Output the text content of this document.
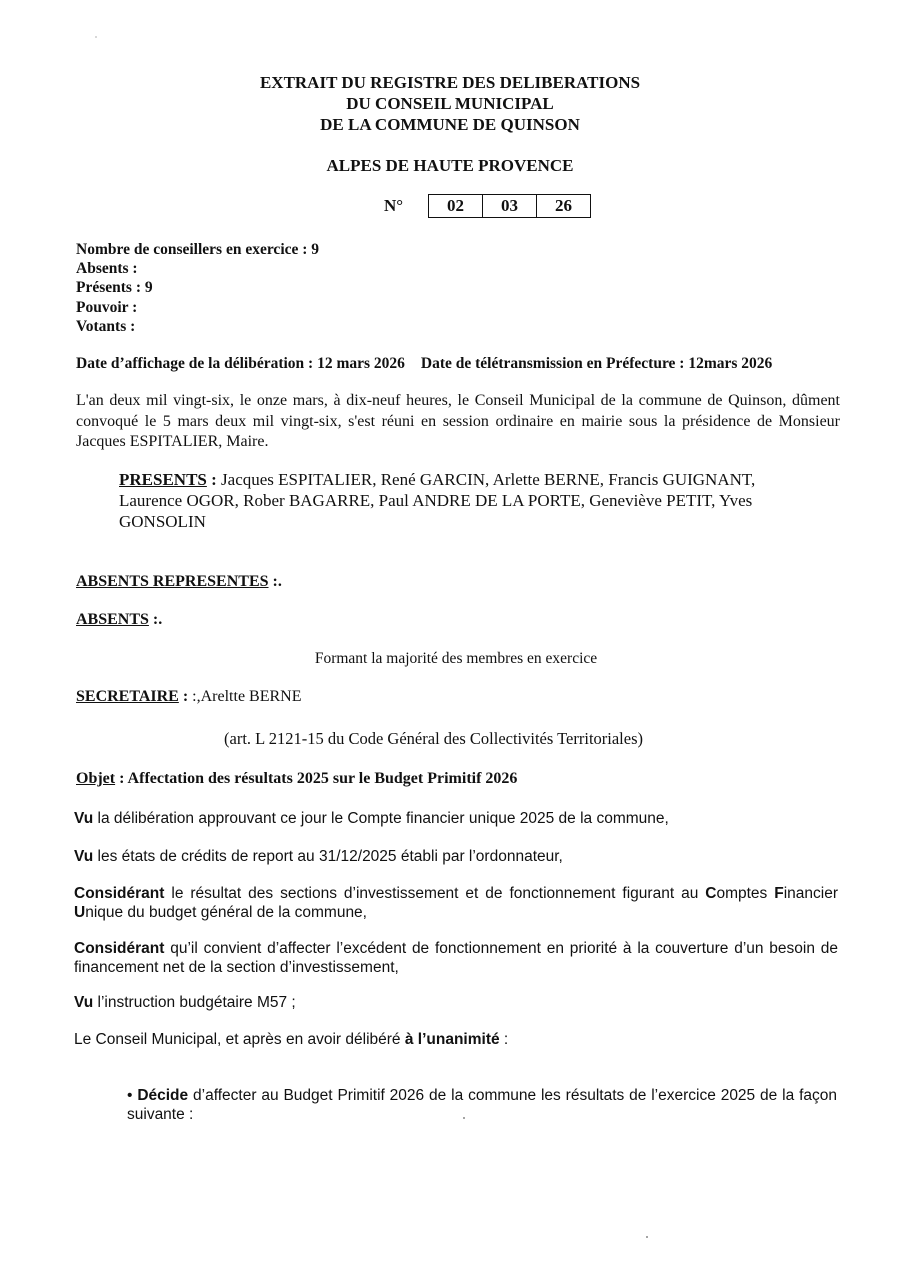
EXTRAIT DU REGISTRE DES DELIBERATIONS
DU CONSEIL MUNICIPAL
DE LA COMMUNE DE QUINSON
ALPES DE HAUTE PROVENCE
N°	02	03	26
Nombre de conseillers en exercice : 9
Absents :
Présents : 9
Pouvoir :
Votants :
Date d’affichage de la délibération : 12 mars 2026 Date de télétransmission en Préfecture : 12mars 2026
L'an deux mil vingt-six, le onze mars, à dix-neuf heures, le Conseil Municipal de la commune de Quinson, dûment convoqué le 5 mars deux mil vingt-six, s'est réuni en session ordinaire en mairie sous la présidence de Monsieur Jacques ESPITALIER, Maire.
PRESENTS : Jacques ESPITALIER, René GARCIN, Arlette BERNE, Francis GUIGNANT, Laurence OGOR, Rober BAGARRE, Paul ANDRE DE LA PORTE, Geneviève PETIT, Yves GONSOLIN
ABSENTS REPRESENTES :.
ABSENTS :.
Formant la majorité des membres en exercice
SECRETAIRE : :,Areltte BERNE
(art. L 2121-15 du Code Général des Collectivités Territoriales)
Objet : Affectation des résultats 2025 sur le Budget Primitif 2026
Vu la délibération approuvant ce jour le Compte financier unique 2025 de la commune,
Vu les états de crédits de report au 31/12/2025 établi par l’ordonnateur,
Considérant le résultat des sections d’investissement et de fonctionnement figurant au Comptes Financier Unique du budget général de la commune,
Considérant qu’il convient d’affecter l’excédent de fonctionnement en priorité à la couverture d’un besoin de financement net de la section d’investissement,
Vu l’instruction budgétaire M57 ;
Le Conseil Municipal, et après en avoir délibéré à l’unanimité :
• Décide d’affecter au Budget Primitif 2026 de la commune les résultats de l’exercice 2025 de la façon suivante :
